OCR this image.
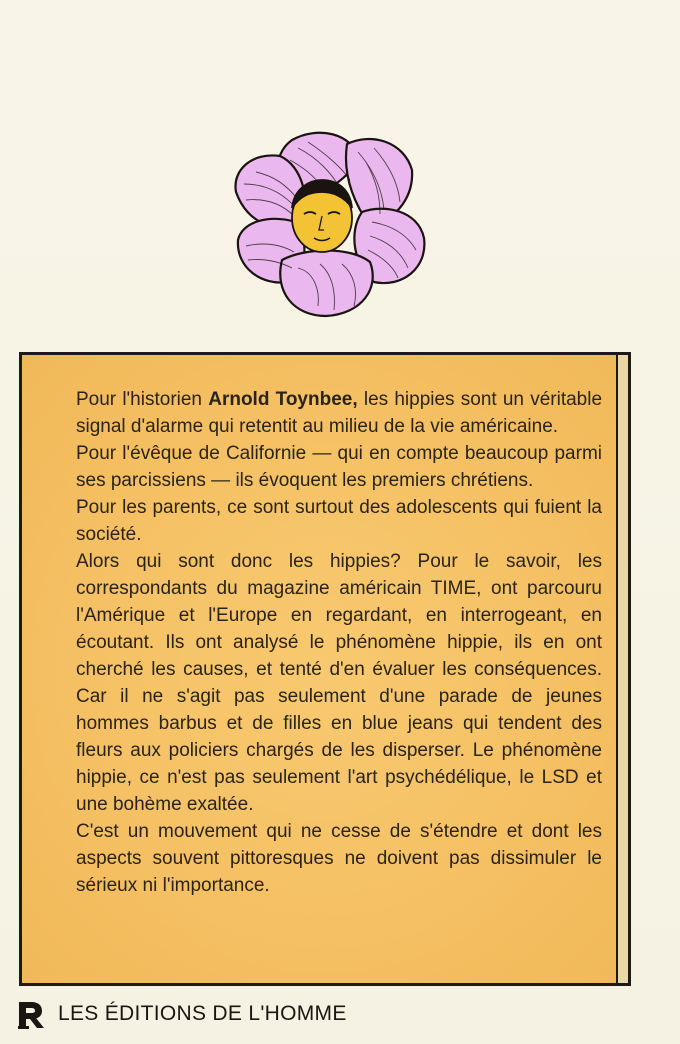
Pour l'historien Arnold Toynbee, les hippies sont un véritable signal d'alarme qui retentit au milieu de la vie américaine.

Pour l'évêque de Californie — qui en compte beaucoup parmi ses parcissiens — ils évoquent les premiers chrétiens.

Pour les parents, ce sont surtout des adolescents qui fuient la société.

Alors qui sont donc les hippies? Pour le savoir, les correspondants du magazine américain TIME, ont parcouru l'Amérique et l'Europe en regardant, en interrogeant, en écoutant. Ils ont analysé le phénomène hippie, ils en ont cherché les causes, et tenté d'en évaluer les conséquences. Car il ne s'agit pas seulement d'une parade de jeunes hommes barbus et de filles en blue jeans qui tendent des fleurs aux policiers chargés de les disperser. Le phénomène hippie, ce n'est pas seulement l'art psychédélique, le LSD et une bohème exaltée.

C'est un mouvement qui ne cesse de s'étendre et dont les aspects souvent pittoresques ne doivent pas dissimuler le sérieux ni l'importance.

LES ÉDITIONS DE L'HOMME
